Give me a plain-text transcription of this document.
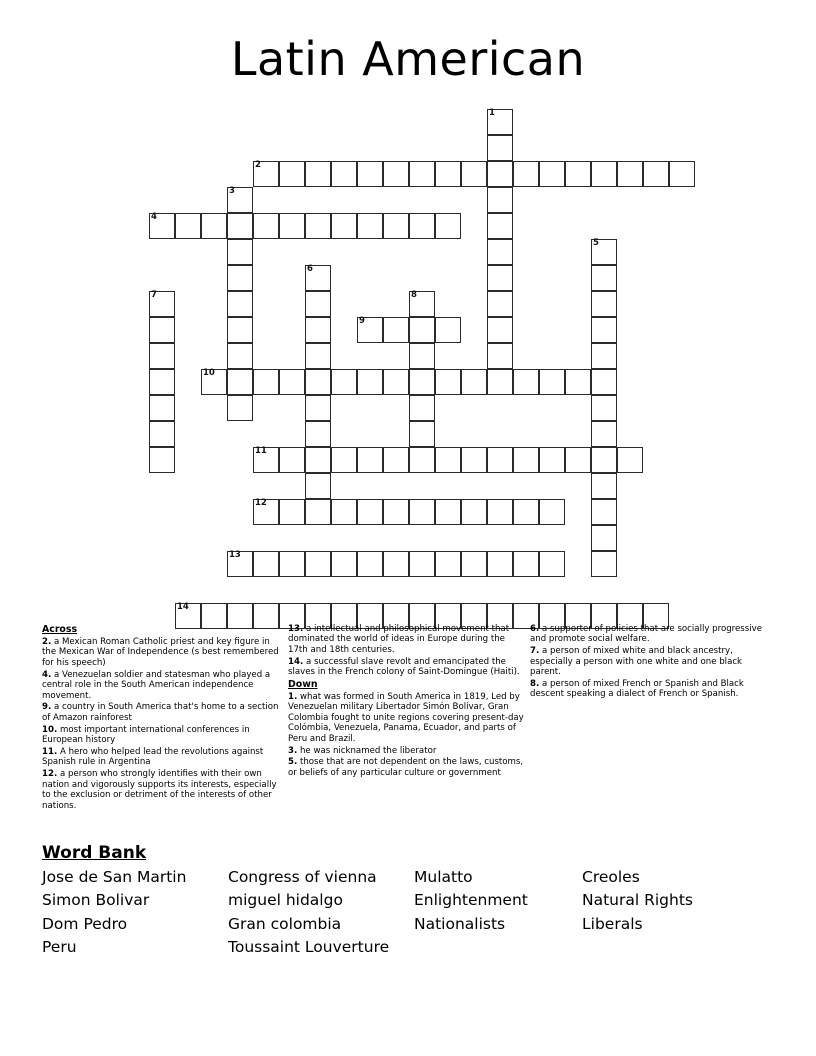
Latin American
1
2
3
4
5
6
7	8
9
10
11
12
13
14
Across
2. a Mexican Roman Catholic priest and key figure in the Mexican War of Independence (s best remembered for his speech)
4. a Venezuelan soldier and statesman who played a central role in the South American independence movement.
9. a country in South America that's home to a section of Amazon rainforest
10. most important international conferences in European history
11. A hero who helped lead the revolutions against Spanish rule in Argentina
12. a person who strongly identifies with their own nation and vigorously supports its interests, especially to the exclusion or detriment of the interests of other nations.
13. a intellectual and philosophical movement that dominated the world of ideas in Europe during the 17th and 18th centuries.
14. a successful slave revolt and emancipated the slaves in the French colony of Saint-Domingue (Haiti).
Down
1. what was formed in South America in 1819, Led by Venezuelan military Libertador Simón Bolívar, Gran Colombia fought to unite regions covering present-day Colómbia, Venezuela, Panama, Ecuador, and parts of Peru and Brazil.
3. he was nicknamed the liberator
5. those that are not dependent on the laws, customs, or beliefs of any particular culture or government
6. a supporter of policies that are socially progressive and promote social welfare.
7. a person of mixed white and black ancestry, especially a person with one white and one black parent.
8. a person of mixed French or Spanish and Black descent speaking a dialect of French or Spanish.
Word Bank
Jose de San Martin
Simon Bolivar
Dom Pedro
Peru
Congress of vienna
miguel hidalgo
Gran colombia
Toussaint Louverture
Mulatto
Enlightenment
Nationalists
Creoles
Natural Rights
Liberals
